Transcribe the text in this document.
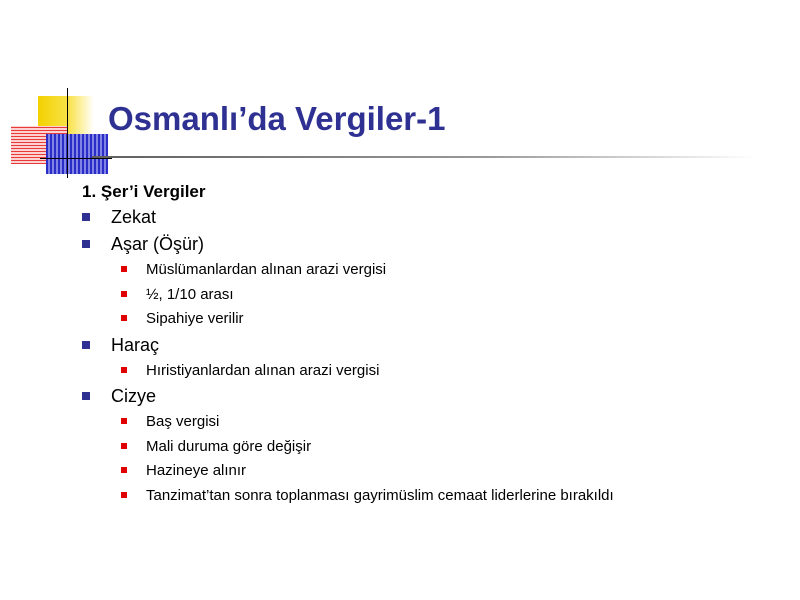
Osmanlı’da Vergiler-1
1. Şer’i Vergiler
Zekat
Aşar (Öşür)
Müslümanlardan alınan arazi vergisi
½, 1/10 arası
Sipahiye verilir
Haraç
Hıristiyanlardan alınan arazi vergisi
Cizye
Baş vergisi
Mali duruma göre değişir
Hazineye alınır
Tanzimat’tan sonra toplanması gayrimüslim cemaat liderlerine bırakıldı
